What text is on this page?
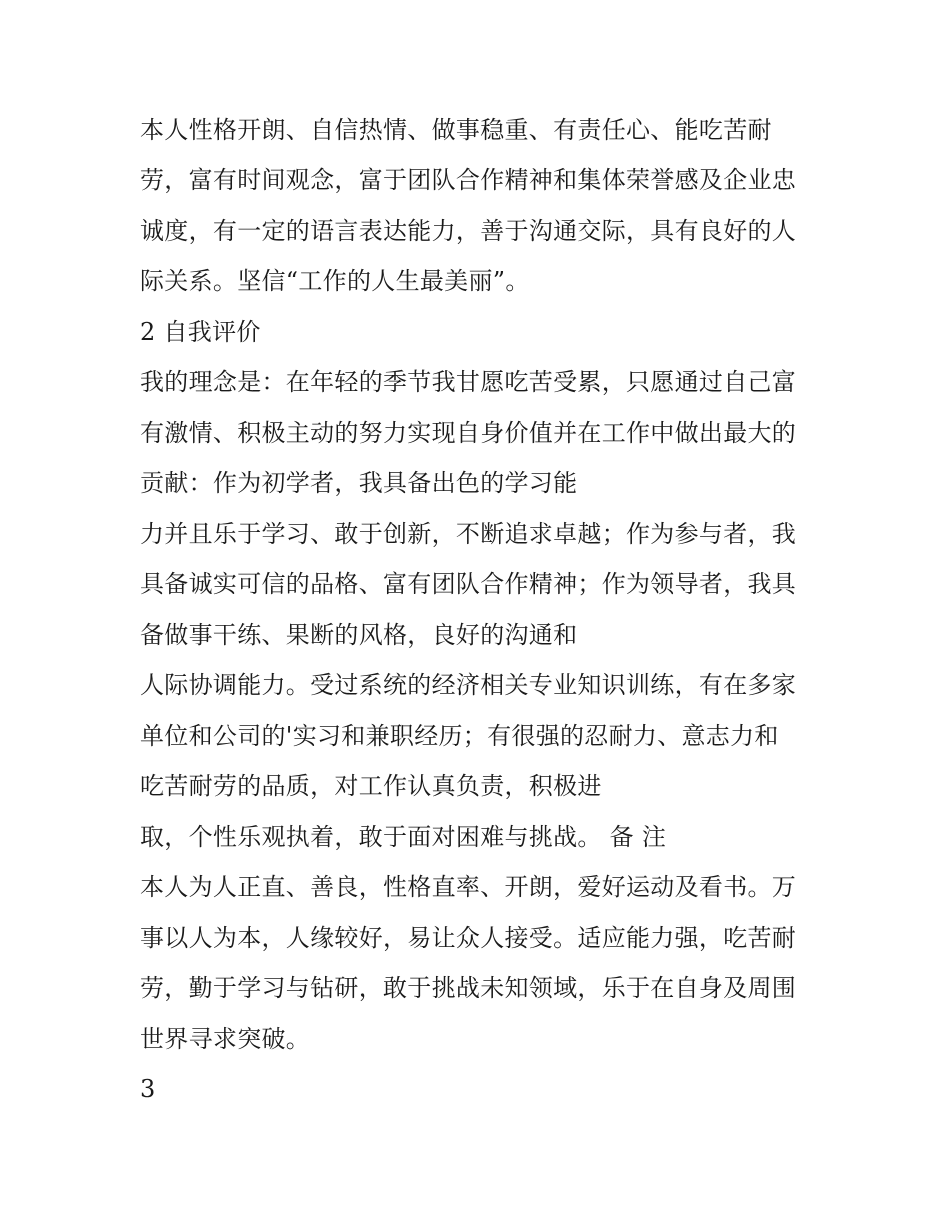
本人性格开朗、自信热情、做事稳重、有责任心、能吃苦耐
劳，富有时间观念，富于团队合作精神和集体荣誉感及企业忠
诚度，有一定的语言表达能力，善于沟通交际，具有良好的人
际关系。坚信“工作的人生最美丽”。
2 自我评价
我的理念是：在年轻的季节我甘愿吃苦受累，只愿通过自己富
有激情、积极主动的努力实现自身价值并在工作中做出最大的
贡献：作为初学者，我具备出色的学习能
力并且乐于学习、敢于创新，不断追求卓越；作为参与者，我
具备诚实可信的品格、富有团队合作精神；作为领导者，我具
备做事干练、果断的风格，良好的沟通和
人际协调能力。受过系统的经济相关专业知识训练，有在多家
单位和公司的'实习和兼职经历；有很强的忍耐力、意志力和
吃苦耐劳的品质，对工作认真负责，积极进
取，个性乐观执着，敢于面对困难与挑战。 备 注
本人为人正直、善良，性格直率、开朗，爱好运动及看书。万
事以人为本，人缘较好，易让众人接受。适应能力强，吃苦耐
劳，勤于学习与钻研，敢于挑战未知领域，乐于在自身及周围
世界寻求突破。
3
